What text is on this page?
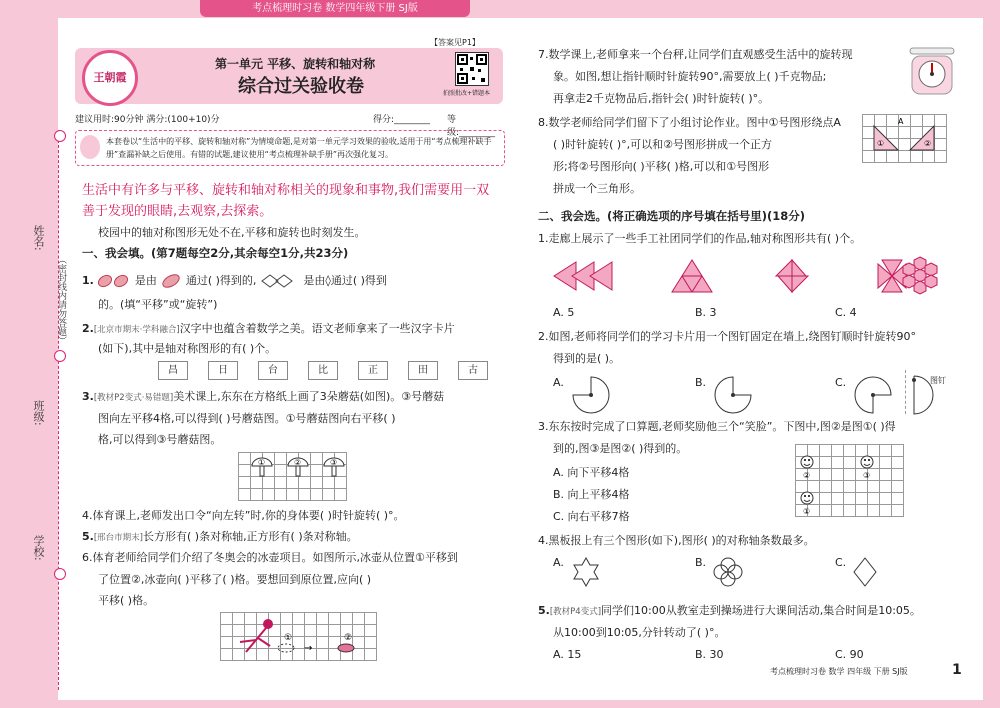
考点梳理时习卷 数学四年级下册 SJ版
姓名:
班级:
学校:
（密封线内请勿答题）
【答案见P1】
王朝霞
第一单元 平移、旋转和轴对称
综合过关验收卷	拍照批改+错题本
建议用时:90分钟 满分:(100+10)分	得分:________ 等级:________
本套卷以“生活中的平移、旋转和轴对称”为情境命题,是对第一单元学习效果的验收,适用于用“考点梳理补缺手册”查漏补缺之后使用。有错的试题,建议使用“考点梳理补缺手册”再次强化复习。
生活中有许多与平移、旋转和轴对称相关的现象和事物,我们需要用一双善于发现的眼睛,去观察,去探索。
校园中的轴对称图形无处不在,平移和旋转也时刻发生。
一、我会填。(第7题每空2分,其余每空1分,共23分)
1.	是由	通过( )得到的,	是由◊通过( )得到
的。(填“平移”或“旋转”)
2.[北京市期末·学科融合]汉字中也蕴含着数学之美。语文老师拿来了一些汉字卡片
(如下),其中是轴对称图形的有( )个。
昌	日	台	比	正	田	古
3.[教材P2变式·易错题]美术课上,东东在方格纸上画了3朵蘑菇(如图)。③号蘑菇
图向左平移4格,可以得到( )号蘑菇图。①号蘑菇图向右平移( )
格,可以得到③号蘑菇图。
①	②	③
4.体育课上,老师发出口令“向左转”时,你的身体要( )时针旋转( )°。
5.[邢台市期末]长方形有( )条对称轴,正方形有( )条对称轴。
6.体育老师给同学们介绍了冬奥会的冰壶项目。如图所示,冰壶从位置①平移到
了位置②,冰壶向( )平移了( )格。要想回到原位置,应向( )
平移( )格。
①
→
②
7.数学课上,老师拿来一个台秤,让同学们直观感受生活中的旋转现
象。如图,想让指针顺时针旋转90°,需要放上( )千克物品;
再拿走2千克物品后,指针会( )时针旋转( )°。
8.数学老师给同学们留下了小组讨论作业。图中①号图形绕点A
( )时针旋转( )°,可以和②号图形拼成一个正方
形;将②号图形向( )平移( )格,可以和①号图形
拼成一个三角形。
①	②
A
二、我会选。(将正确选项的序号填在括号里)(18分)
1.走廊上展示了一些手工社团同学们的作品,轴对称图形共有( )个。
A. 5	B. 3	C. 4
2.如图,老师将同学们的学习卡片用一个图钉固定在墙上,绕图钉顺时针旋转90°
得到的是( )。
A.	B.	C.	图钉
3.东东按时完成了口算题,老师奖励他三个“笑脸”。下图中,图②是图①( )得
到的,图③是图②( )得到的。
A. 向下平移4格
B. 向上平移4格
C. 向右平移7格
②	③
①
4.黑板报上有三个图形(如下),图形( )的对称轴条数最多。
A.	B.	C.
5.[教材P4变式]同学们10:00从教室走到操场进行大课间活动,集合时间是10:05。
从10:00到10:05,分针转动了( )°。
A. 15	B. 30	C. 90
考点梳理时习卷 数学 四年级 下册 SJ版	1
